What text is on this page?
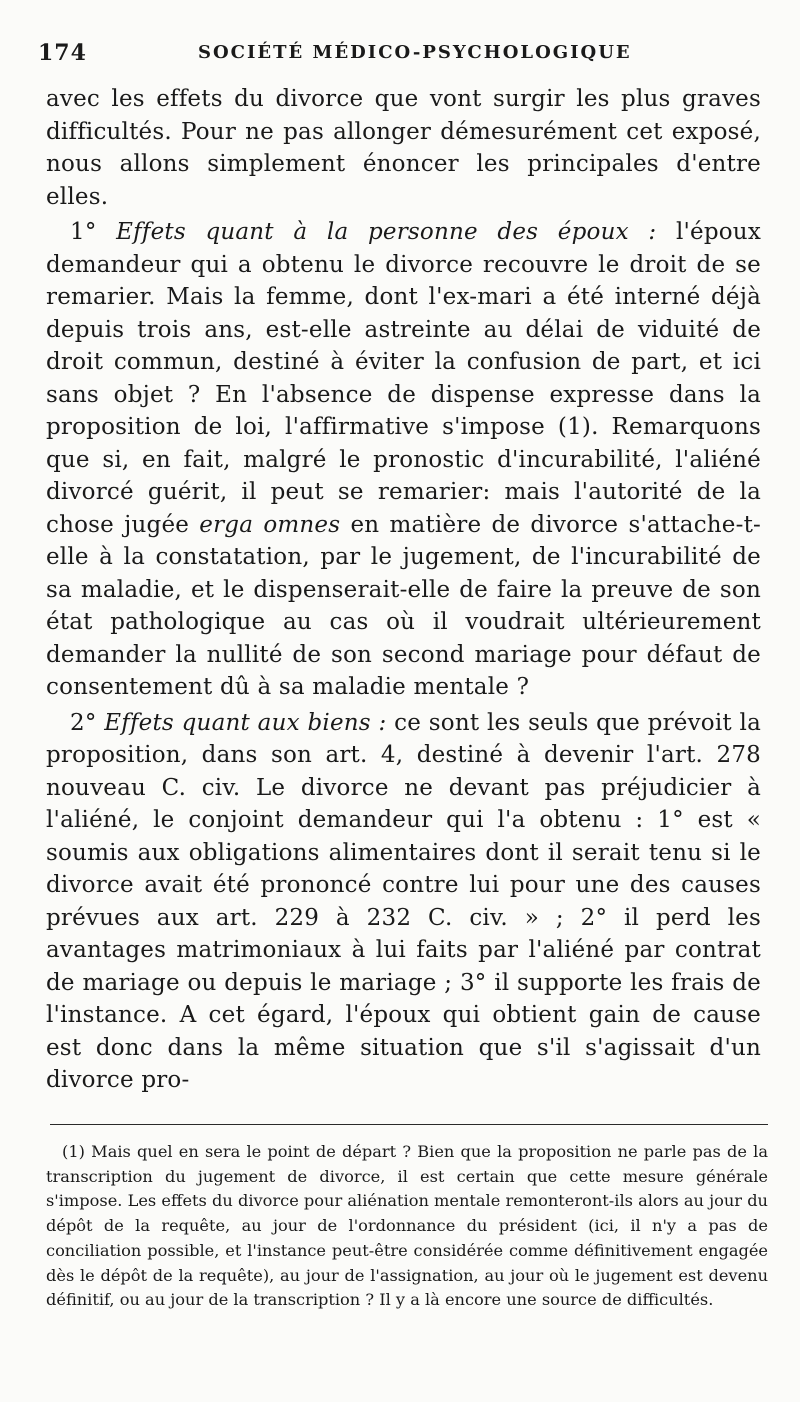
174	SOCIÉTÉ MÉDICO-PSYCHOLOGIQUE

avec les effets du divorce que vont surgir les plus graves difficultés. Pour ne pas allonger démesurément cet exposé, nous allons simplement énoncer les principales d'entre elles.

1° Effets quant à la personne des époux : l'époux demandeur qui a obtenu le divorce recouvre le droit de se remarier. Mais la femme, dont l'ex-mari a été interné déjà depuis trois ans, est-elle astreinte au délai de viduité de droit commun, destiné à éviter la confusion de part, et ici sans objet ? En l'absence de dispense expresse dans la proposition de loi, l'affirmative s'impose (1). Remarquons que si, en fait, malgré le pronostic d'incurabilité, l'aliéné divorcé guérit, il peut se remarier: mais l'autorité de la chose jugée erga omnes en matière de divorce s'attache-t-elle à la constatation, par le jugement, de l'incurabilité de sa maladie, et le dispenserait-elle de faire la preuve de son état pathologique au cas où il voudrait ultérieurement demander la nullité de son second mariage pour défaut de consentement dû à sa maladie mentale ?

2° Effets quant aux biens : ce sont les seuls que prévoit la proposition, dans son art. 4, destiné à devenir l'art. 278 nouveau C. civ. Le divorce ne devant pas préjudicier à l'aliéné, le conjoint demandeur qui l'a obtenu : 1° est « soumis aux obligations alimentaires dont il serait tenu si le divorce avait été prononcé contre lui pour une des causes prévues aux art. 229 à 232 C. civ. » ; 2° il perd les avantages matrimoniaux à lui faits par l'aliéné par contrat de mariage ou depuis le mariage ; 3° il supporte les frais de l'instance. A cet égard, l'époux qui obtient gain de cause est donc dans la même situation que s'il s'agissait d'un divorce pro-

(1) Mais quel en sera le point de départ ? Bien que la proposition ne parle pas de la transcription du jugement de divorce, il est certain que cette mesure générale s'impose. Les effets du divorce pour aliénation mentale remonteront-ils alors au jour du dépôt de la requête, au jour de l'ordonnance du président (ici, il n'y a pas de conciliation possible, et l'instance peut-être considérée comme définitivement engagée dès le dépôt de la requête), au jour de l'assignation, au jour où le jugement est devenu définitif, ou au jour de la transcription ? Il y a là encore une source de difficultés.
